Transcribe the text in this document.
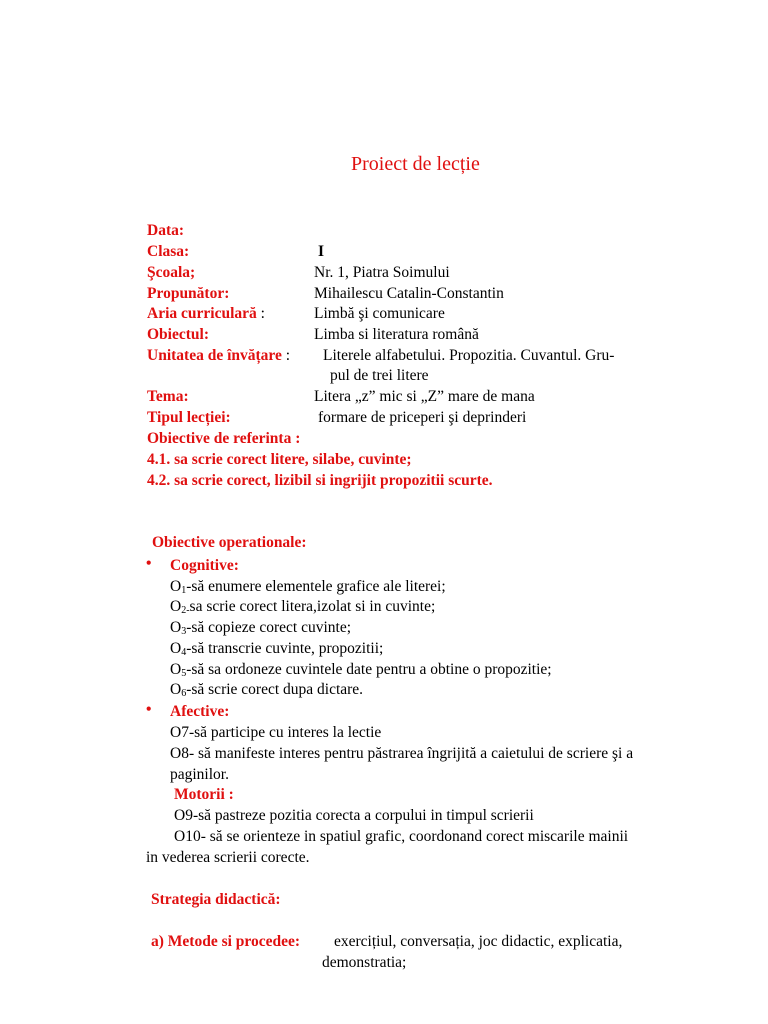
Proiect de lecție
Data:
Clasa:	I
Şcoala;	Nr. 1, Piatra Soimului
Propunător:	Mihailescu Catalin-Constantin
Aria curriculară :	Limbă şi comunicare
Obiectul:	Limba si literatura română
Unitatea de învățare : Literele alfabetului. Propozitia. Cuvantul. Gru-
pul de trei litere
Tema:	Litera „z” mic si „Z” mare de mana
Tipul lecției:	formare de priceperi şi deprinderi
Obiective de referinta :
4.1. sa scrie corect litere, silabe, cuvinte;
4.2. sa scrie corect, lizibil si ingrijit propozitii scurte.
Obiective operationale:
• Cognitive:
$O_1-să$ enumere elementele grafice ale literei;
$O_{2-}sa$ scrie corect litera,izolat si in cuvinte;
$O_3-să$ copieze corect cuvinte;
$O_4-să$ transcrie cuvinte, propozitii;
$O_5-să$ sa ordoneze cuvintele date pentru a obtine o propozitie;
$O_6-să$ scrie corect dupa dictare.
• Afective:
O7-să participe cu interes la lectie
O8- să manifeste interes pentru păstrarea îngrijită a caietului de scriere şi a
paginilor.
Motorii :
O9-să pastreze pozitia corecta a corpului in timpul scrierii
O10- să se orienteze in spatiul grafic, coordonand corect miscarile mainii
in vederea scrierii corecte.
Strategia didactică:
a) Metode si procedee: exercițiul, conversația, joc didactic, explicatia,
demonstratia;
